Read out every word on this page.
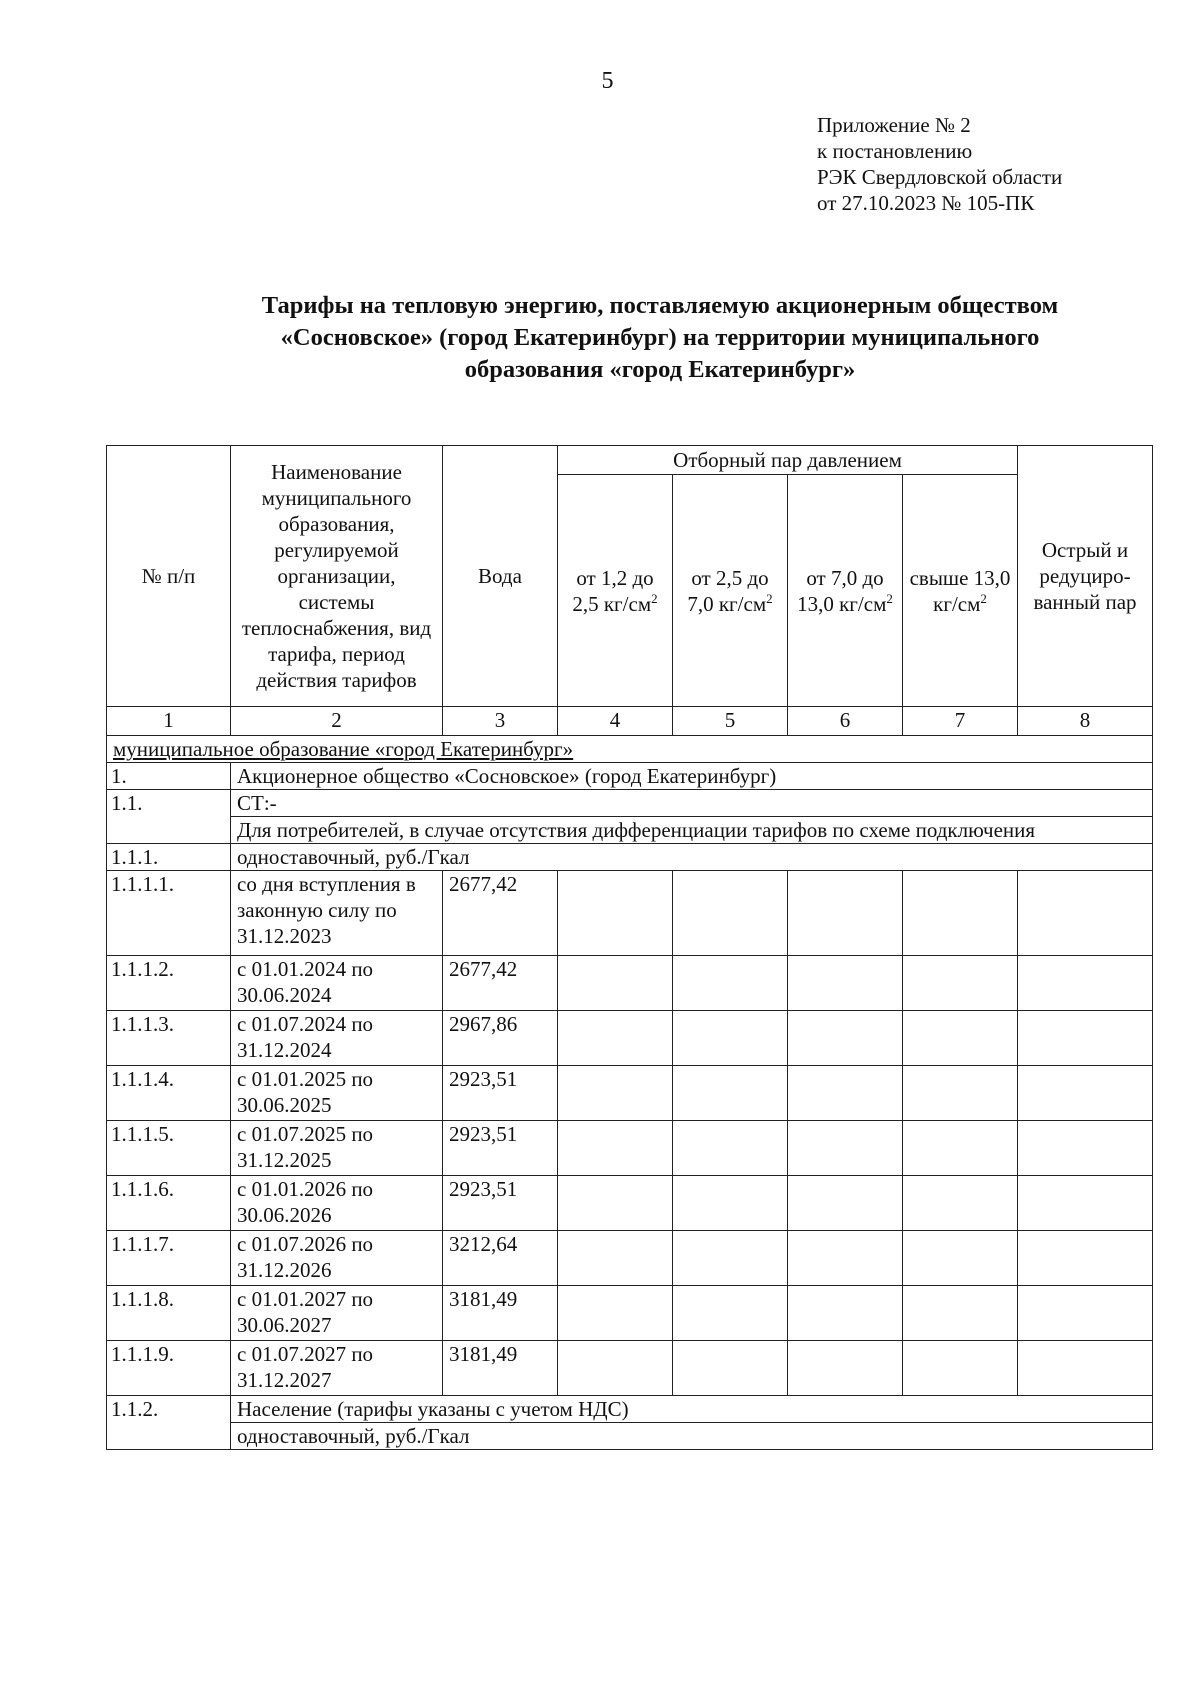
5
Приложение № 2
к постановлению
РЭК Свердловской области
от 27.10.2023 № 105-ПК
Тарифы на тепловую энергию, поставляемую акционерным обществом
«Сосновское» (город Екатеринбург) на территории муниципального
образования «город Екатеринбург»
№ п/п	Наименование муниципального образования, регулируемой организации, системы теплоснабжения, вид тарифа, период действия тарифов	Вода	Отборный пар давлением				Острый и редуциро-ванный пар
			от 1,2 до 2,5 $кг/см^2$	от 2,5 до 7,0 $кг/см^2$	от 7,0 до 13,0 $кг/см^2$	свыше 13,0 $кг/см^2$
1	2	3	4	5	6	7	8
муниципальное образование «город Екатеринбург»							
1.	Акционерное общество «Сосновское» (город Екатеринбург)						
1.1.	СТ:-						
	Для потребителей, в случае отсутствия дифференциации тарифов по схеме подключения						
1.1.1.	одноставочный, руб./Гкал						
1.1.1.1.	со дня вступления в законную силу по 31.12.2023	2677,42					
1.1.1.2.	с 01.01.2024 по 30.06.2024	2677,42					
1.1.1.3.	с 01.07.2024 по 31.12.2024	2967,86					
1.1.1.4.	с 01.01.2025 по 30.06.2025	2923,51					
1.1.1.5.	с 01.07.2025 по 31.12.2025	2923,51					
1.1.1.6.	с 01.01.2026 по 30.06.2026	2923,51					
1.1.1.7.	с 01.07.2026 по 31.12.2026	3212,64					
1.1.1.8.	с 01.01.2027 по 30.06.2027	3181,49					
1.1.1.9.	с 01.07.2027 по 31.12.2027	3181,49					
1.1.2.	Население (тарифы указаны с учетом НДС)						
	одноставочный, руб./Гкал						
